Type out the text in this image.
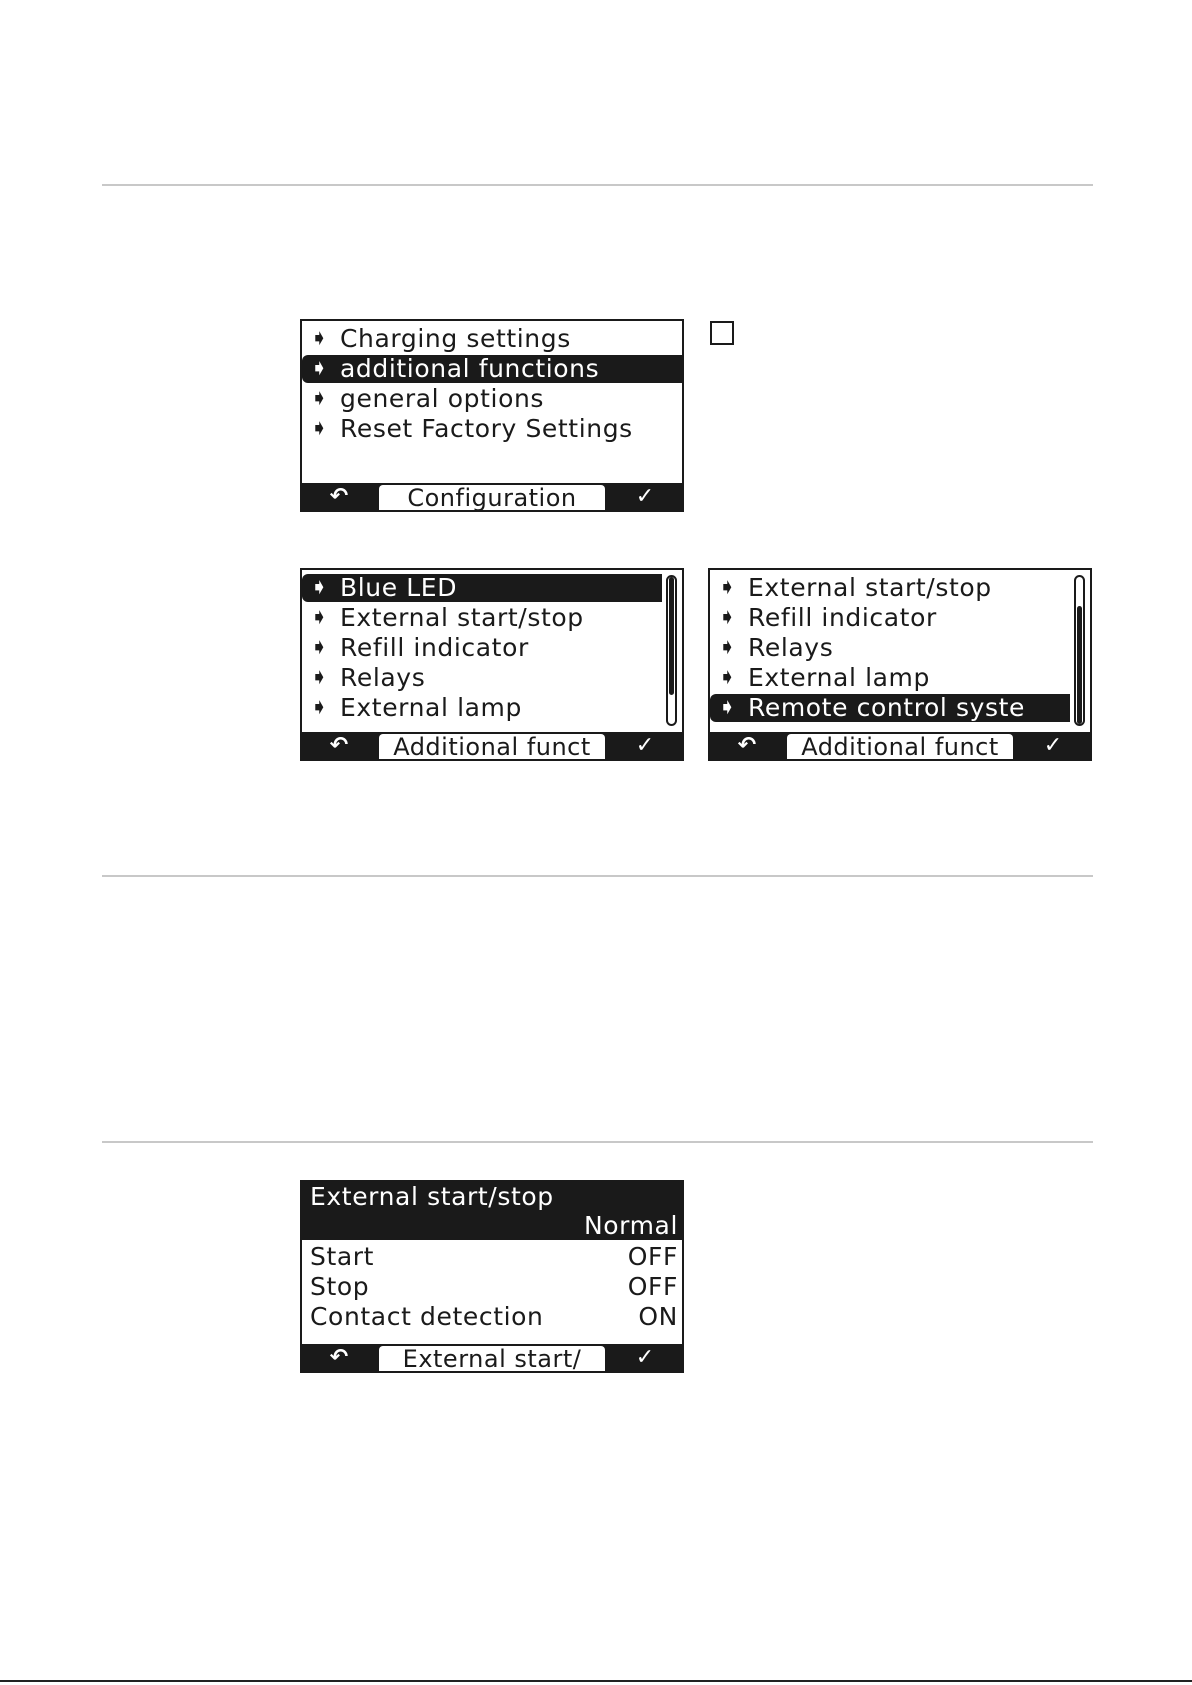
➧ Charging settings
➧ additional functions
➧ general options
➧ Reset Factory Settings
↶	Configuration	✓
➧ Blue LED
➧ External start/stop
➧ Refill indicator
➧ Relays
➧ External lamp
↶	Additional funct	✓
➧ External start/stop
➧ Refill indicator
➧ Relays
➧ External lamp
➧ Remote control syste
↶	Additional funct	✓
External start/stop
Normal
Start	OFF
Stop	OFF
Contact detection	ON
↶	External start/	✓
